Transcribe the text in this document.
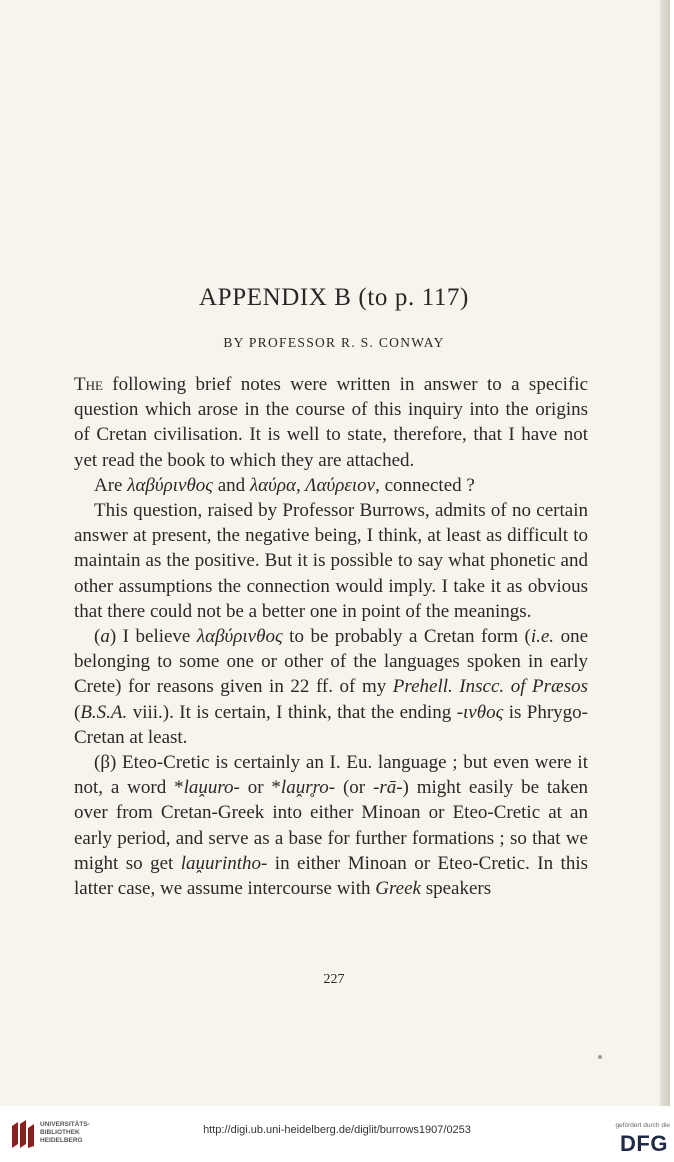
APPENDIX B (to p. 117)
BY PROFESSOR R. S. CONWAY

The following brief notes were written in answer to a specific question which arose in the course of this inquiry into the origins of Cretan civilisation. It is well to state, therefore, that I have not yet read the book to which they are attached.

Are λαβύρινθος and λαύρα, Λαύρειον, connected ?

This question, raised by Professor Burrows, admits of no certain answer at present, the negative being, I think, at least as difficult to maintain as the positive. But it is possible to say what phonetic and other assumptions the connection would imply. I take it as obvious that there could not be a better one in point of the meanings.

(a) I believe λαβύρινθος to be probably a Cretan form (i.e. one belonging to some one or other of the languages spoken in early Crete) for reasons given in 22 ff. of my Prehell. Inscc. of Præsos (B.S.A. viii.). It is certain, I think, that the ending -ινθος is Phrygo-Cretan at least.

(β) Eteo-Cretic is certainly an I. Eu. language ; but even were it not, a word *laṷuro- or *laṷr̥ro- (or -rā-) might easily be taken over from Cretan-Greek into either Minoan or Eteo-Cretic at an early period, and serve as a base for further formations ; so that we might so get laṷurintho- in either Minoan or Eteo-Cretic. In this latter case, we assume intercourse with Greek speakers

227
UNIVERSITÄTS-
BIBLIOTHEK
HEIDELBERG
http://digi.ub.uni-heidelberg.de/diglit/burrows1907/0253	gefördert durch die
DFG
